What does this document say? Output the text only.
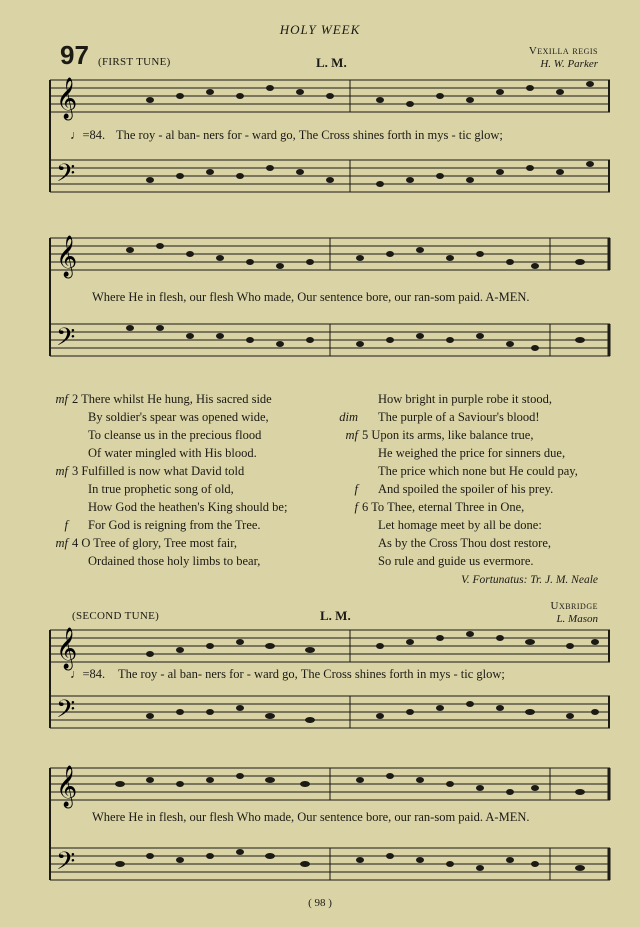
HOLY WEEK
97 (FIRST TUNE)	L. M.
Vexilla regis
H. W. Parker
𝄞
𝄢
♩=84. The roy - al ban- ners for - ward go, The Cross shines forth in mys - tic glow;
𝄞
𝄢
Where He in flesh, our flesh Who made, Our sentence bore, our ran-som paid. A-MEN.
mf 2 There whilst He hung, His sacred side
By soldier's spear was opened wide,
To cleanse us in the precious flood
Of water mingled with His blood.
mf 3 Fulfilled is now what David told
In true prophetic song of old,
How God the heathen's King should be;
f For God is reigning from the Tree.
mf 4 O Tree of glory, Tree most fair,
Ordained those holy limbs to bear,
How bright in purple robe it stood,
dim The purple of a Saviour's blood!
mf 5 Upon its arms, like balance true,
He weighed the price for sinners due,
The price which none but He could pay,
f And spoiled the spoiler of his prey.
f 6 To Thee, eternal Three in One,
Let homage meet by all be done:
As by the Cross Thou dost restore,
So rule and guide us evermore.
V. Fortunatus: Tr. J. M. Neale
(SECOND TUNE)	L. M.
Uxbridge
L. Mason
𝄞
𝄢
♩=84. The roy - al ban- ners for - ward go, The Cross shines forth in mys - tic glow;
𝄞
𝄢
Where He in flesh, our flesh Who made, Our sentence bore, our ran-som paid. A-MEN.
( 98 )
